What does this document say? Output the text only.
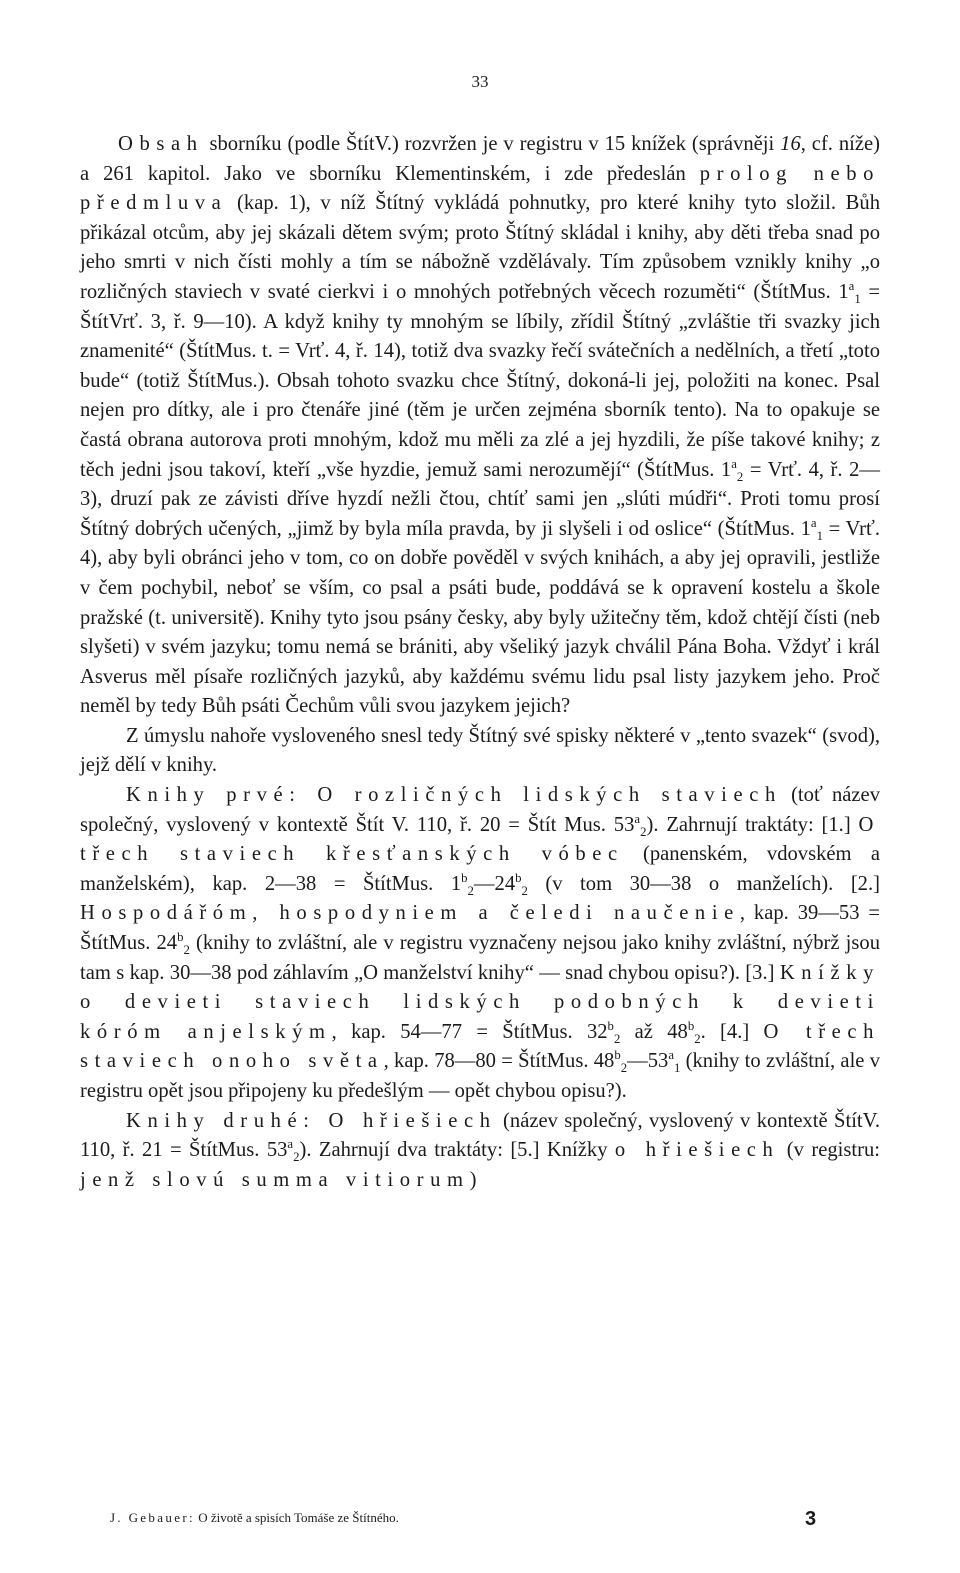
33

Obsah sborníku (podle ŠtítV.) rozvržen je v registru v 15 knížek (správněji 16, cf. níže) a 261 kapitol. Jako ve sborníku Klementinském, i zde předeslán prolog nebo předmluva (kap. 1), v níž Štítný vykládá pohnutky, pro které knihy tyto složil. Bůh přikázal otcům, aby jej skázali dětem svým; proto Štítný skládal i knihy, aby děti třeba snad po jeho smrti v nich čísti mohly a tím se nábožně vzdělávaly. Tím způsobem vznikly knihy „o rozličných staviech v svaté cierkvi i o mnohých potřebných věcech rozuměti“ (ŠtítMus. $1^a_1$ = ŠtítVrť. 3, ř. 9—10). A když knihy ty mnohým se líbily, zřídil Štítný „zvláštie tři svazky jich znamenité“ (ŠtítMus. t. = Vrť. 4, ř. 14), totiž dva svazky řečí svátečních a nedělních, a třetí „toto bude“ (totiž ŠtítMus.). Obsah tohoto svazku chce Štítný, dokoná-li jej, položiti na konec. Psal nejen pro dítky, ale i pro čtenáře jiné (těm je určen zejména sborník tento). Na to opakuje se častá obrana autorova proti mnohým, kdož mu měli za zlé a jej hyzdili, že píše takové knihy; z těch jedni jsou takoví, kteří „vše hyzdie, jemuž sami nerozumějí“ (ŠtítMus. $1^a_2$ = Vrť. 4, ř. 2—3), druzí pak ze závisti dříve hyzdí nežli čtou, chtíť sami jen „slúti múdři“. Proti tomu prosí Štítný dobrých učených, „jimž by byla míla pravda, by ji slyšeli i od oslice“ (ŠtítMus. $1^a_1$ = Vrť. 4), aby byli obránci jeho v tom, co on dobře pověděl v svých knihách, a aby jej opravili, jestliže v čem pochybil, neboť se vším, co psal a psáti bude, poddává se k opravení kostelu a škole pražské (t. universitě). Knihy tyto jsou psány česky, aby byly užitečny těm, kdož chtějí čísti (neb slyšeti) v svém jazyku; tomu nemá se brániti, aby všeliký jazyk chválil Pána Boha. Vždyť i král Asverus měl písaře rozličných jazyků, aby každému svému lidu psal listy jazykem jeho. Proč neměl by tedy Bůh psáti Čechům vůli svou jazykem jejich?

Z úmyslu nahoře vysloveného snesl tedy Štítný své spisky některé v „tento svazek“ (svod), jejž dělí v knihy.

Knihy prvé: O rozličných lidských staviech (toť název společný, vyslovený v kontextě Štít V. 110, ř. 20 = Štít Mus. $53^a_2$). Zahrnují traktáty: [1.] O třech staviech křesťanských vóbec (panenském, vdovském a manželském), kap. 2—38 = ŠtítMus. $1^b_2—24^b_2$ (v tom 30—38 o manželích). [2.] Hospodářóm, hospodyniem a čeledi naučenie, kap. 39—53 = ŠtítMus. $24^b_2$ (knihy to zvláštní, ale v registru vyznačeny nejsou jako knihy zvláštní, nýbrž jsou tam s kap. 30—38 pod záhlavím „O manželství knihy“ — snad chybou opisu?). [3.] Knížky o devieti staviech lidských podobných k devieti kóróm anjelským, kap. 54—77 = ŠtítMus. $32^b_2$ až $48^b_2$. [4.] O třech staviech onoho světa, kap. 78—80 = ŠtítMus. $48^b_2—53^a_1$ (knihy to zvláštní, ale v registru opět jsou připojeny ku předešlým — opět chybou opisu?).

Knihy druhé: O hřiešiech (název společný, vyslovený v kontextě ŠtítV. 110, ř. 21 = ŠtítMus. $53^a_2$). Zahrnují dva traktáty: [5.] Knížky o hřiešiech (v registru: jenž slovú summa vitiorum)

J. Gebauer: O životě a spisích Tomáše ze Štítného.	3
